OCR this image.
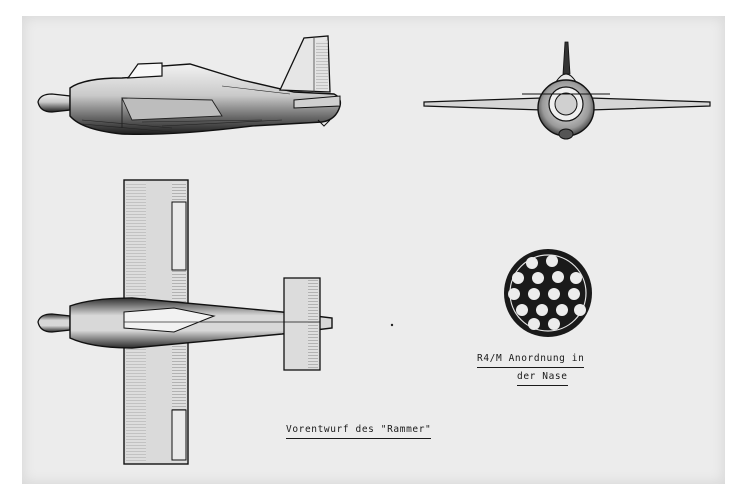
Vorentwurf des "Rammer"
R4/M Anordnung in
der Nase
